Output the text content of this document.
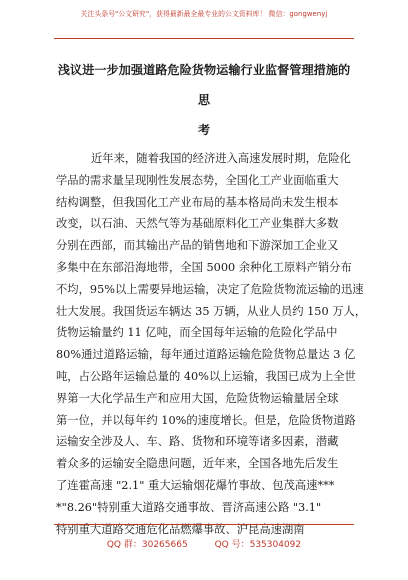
关注头条号"公文研究"，获得最新最全最专业的公文资料库！ 微信：gongwenyj
浅议进一步加强道路危险货物运输行业监督管理措施的思
考
近年来，随着我国的经济进入高速发展时期，危险化
学品的需求量呈现刚性发展态势，全国化工产业面临重大
结构调整，但我国化工产业布局的基本格局尚未发生根本
改变，以石油、天然气等为基础原料化工产业集群大多数
分别在西部，而其输出产品的销售地和下游深加工企业又
多集中在东部沿海地带，全国 5000 余种化工原料产销分布
不均，95%以上需要异地运输，决定了危险货物流运输的迅速
壮大发展。我国货运车辆达 35 万辆，从业人员约 150 万人，
货物运输量约 11 亿吨，而全国每年运输的危险化学品中
80%通过道路运输，每年通过道路运输危险货物总量达 3 亿
吨，占公路年运输总量的 40%以上运输，我国已成为上全世
界第一大化学品生产和应用大国，危险货物运输量居全球
第一位，并以每年约 10%的速度增长。但是，危险货物道路
运输安全涉及人、车、路、货物和环境等诸多因素，潜藏
着众多的运输安全隐患问题，近年来，全国各地先后发生
了连霍高速 "2.1" 重大运输烟花爆竹事故、包茂高速***
*"8.26"特别重大道路交通事故、晋济高速公路 "3.1"
特别重大道路交通危化品燃爆事故、沪昆高速湖南
QQ 群：30265665	QQ 号：535304092
